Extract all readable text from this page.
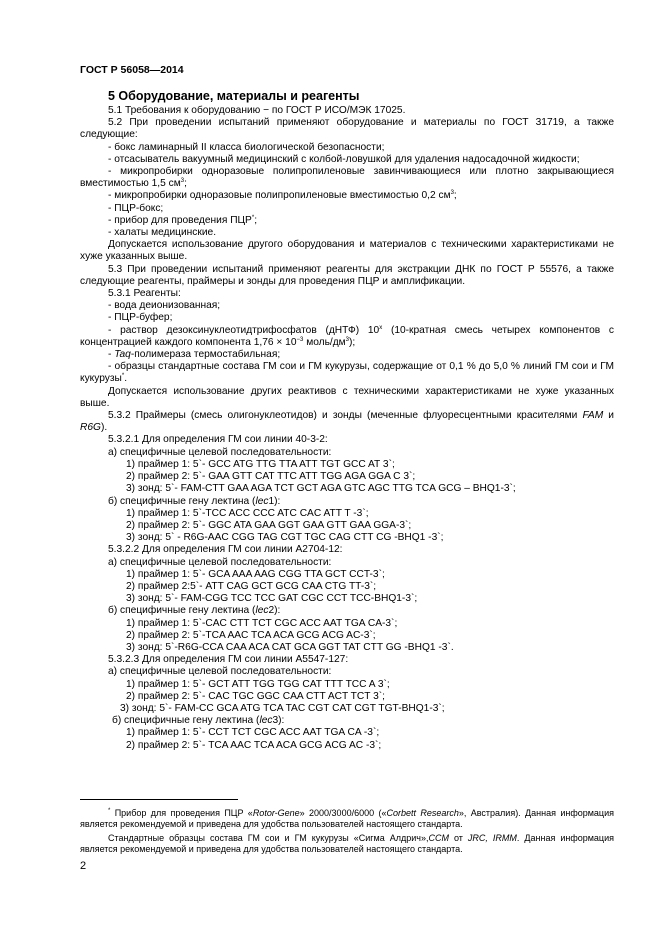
ГОСТ Р 56058—2014

5 Оборудование, материалы и реагенты

5.1 Требования к оборудованию − по ГОСТ Р ИСО/МЭК 17025.

5.2 При проведении испытаний применяют оборудование и материалы по ГОСТ 31719, а также следующие:

- бокс ламинарный II класса биологической безопасности;

- отсасыватель вакуумный медицинский с колбой-ловушкой для удаления надосадочной жидкости;

- микропробирки одноразовые полипропиленовые завинчивающиеся или плотно закрывающиеся вместимостью 1,5 $см^3$;

- микропробирки одноразовые полипропиленовые вместимостью 0,2 $см^3$;

- ПЦР-бокс;

- прибор для проведения ПЦР*;

- халаты медицинские.

Допускается использование другого оборудования и материалов с техническими характеристиками не хуже указанных выше.

5.3 При проведении испытаний применяют реагенты для экстракции ДНК по ГОСТ Р 55576, а также следующие реагенты, праймеры и зонды для проведения ПЦР и амплификации.

5.3.1 Реагенты:

- вода деионизованная;

- ПЦР-буфер;

- раствор дезоксинуклеотидтрифосфатов (дНТФ) $10^х$ (10-кратная смесь четырех компонентов с концентрацией каждого компонента $1,76 \times 10^{-3}$ моль/$дм^3$);

- Taq-полимераза термостабильная;

- образцы стандартные состава ГМ сои и ГМ кукурузы, содержащие от 0,1 % до 5,0 % линий ГМ сои и ГМ кукурузы*.

Допускается использование других реактивов с техническими характеристиками не хуже указанных выше.

5.3.2 Праймеры (смесь олигонуклеотидов) и зонды (меченные флуоресцентными красителями FAM и R6G).

5.3.2.1 Для определения ГМ сои линии 40-3-2:

а) специфичные целевой последовательности:

1) праймер 1: 5`- GCC ATG TTG TTA ATT TGT GCC AT 3`;

2) праймер 2: 5`- GAA GTT CAT TTC ATT TGG AGA GGA C 3`;

3) зонд: 5`- FAM-CTT GAA AGA TCT GCT AGA GTC AGC TTG TCA GCG – BHQ1-3`;

б) специфичные гену лектина (lec1):

1) праймер 1: 5`-TCC ACC CCC ATC CAC ATT T -3`;

2) праймер 2: 5`- GGC ATA GAA GGT GAA GTT GAA GGA-3`;

3) зонд: 5` - R6G-AAC CGG TAG CGT TGC CAG CTT CG -BHQ1 -3`;

5.3.2.2 Для определения ГМ сои линии A2704-12:

а) специфичные целевой последовательности:

1) праймер 1: 5`- GCA AAA AAG CGG TTA GCT CCT-3`;

2) праймер 2:5`- ATT CAG GCT GCG CAA CTG TT-3`;

3) зонд: 5`- FAM-CGG TCC TCC GAT CGC CCT TCC-BHQ1-3`;

б) специфичные гену лектина (lec2):

1) праймер 1: 5`-CAC CTT TCT CGC ACC AAT TGA CA-3`;

2) праймер 2: 5`-TCA AAC TCA ACA GCG ACG AC-3`;

3) зонд: 5`-R6G-CCA CAA ACA CAT GCA GGT TAT CTT GG -BHQ1 -3`.

5.3.2.3 Для определения ГМ сои линии A5547-127:

а) специфичные целевой последовательности:

1) праймер 1: 5`- GCT ATT TGG TGG CAT TTT TCC A 3`;

2) праймер 2: 5`- CAC TGC GGC CAA CTT ACT TCT 3`;

3) зонд: 5`- FAM-CC GCA ATG TCA TAC CGT CAT CGT TGT-BHQ1-3`;

б) специфичные гену лектина (lec3):

1) праймер 1: 5`- CCT TCT CGC ACC AAT TGA CA -3`;

2) праймер 2: 5`- TCA AAC TCA ACA GCG ACG AC -3`;

* Прибор для проведения ПЦР «Rotor-Gene» 2000/3000/6000 («Corbett Research», Австралия). Данная информация является рекомендуемой и приведена для удобства пользователей настоящего стандарта.

Стандартные образцы состава ГМ сои и ГМ кукурузы «Сигма Алдрич»,CCM от JRC, IRMM. Данная информация является рекомендуемой и приведена для удобства пользователей настоящего стандарта.

2
